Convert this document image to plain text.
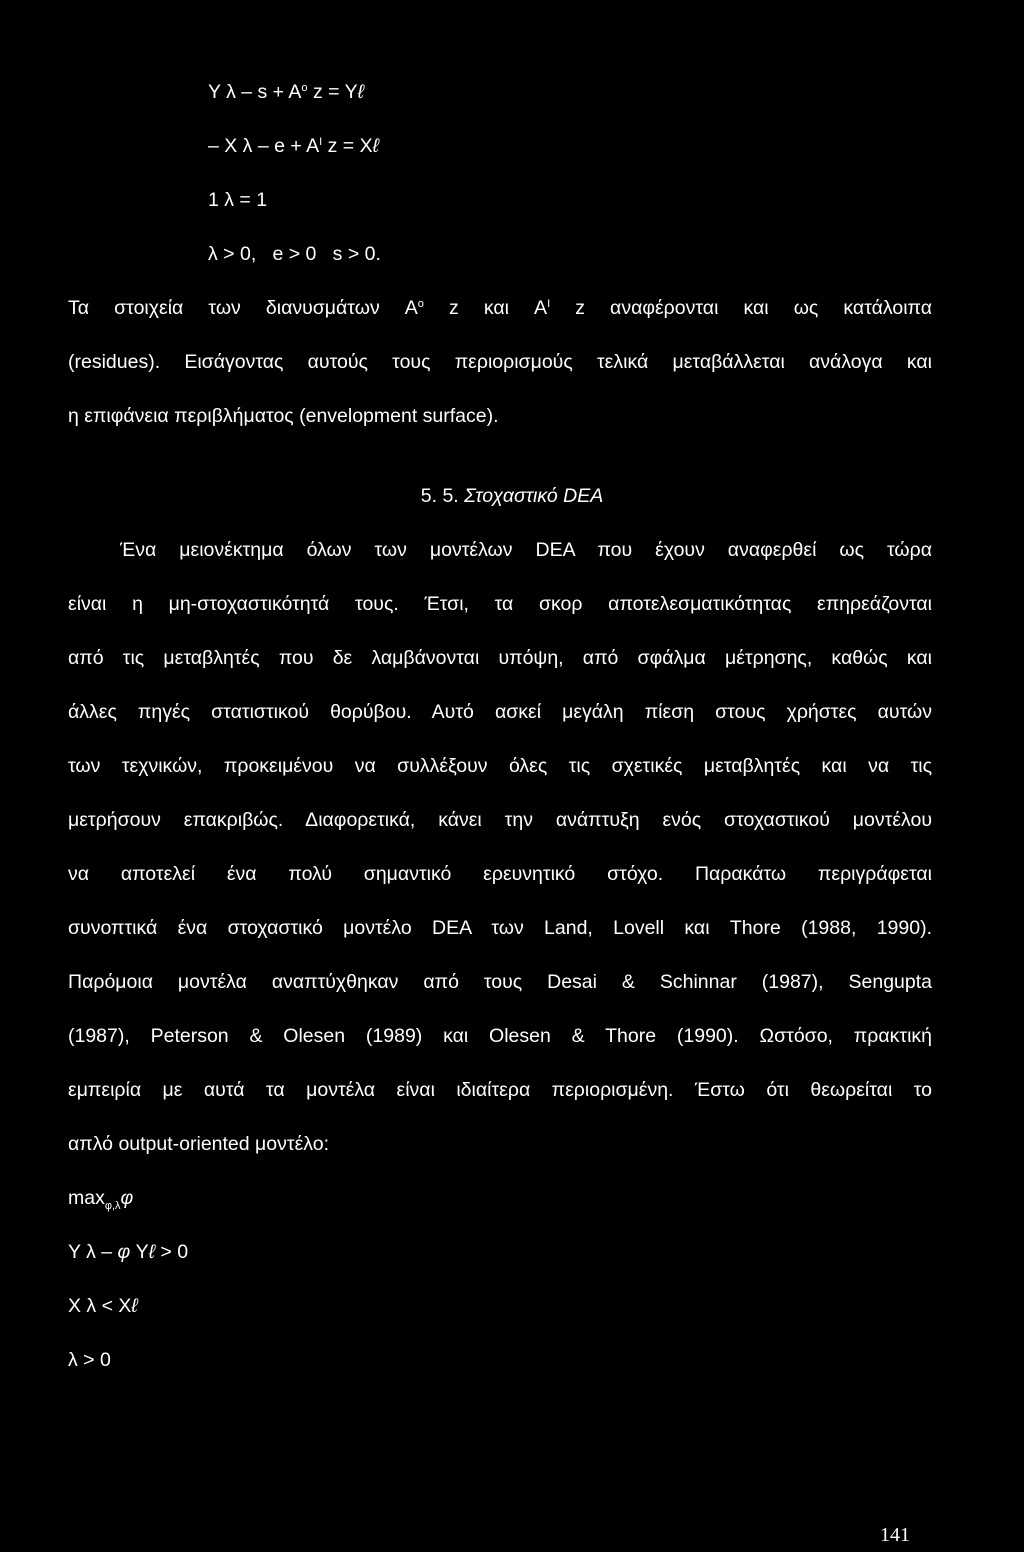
Y $\lambda - s + A^o$ z = Yℓ
– X $\lambda - e + A^I$ z = Xℓ
1 λ = 1
λ > 0,   e > 0   s > 0.
Τα στοιχεία των διανυσμάτων $A^o$ z και $A^I$ z αναφέρονται και ως κατάλοιπα
(residues). Εισάγοντας αυτούς τους περιορισμούς τελικά μεταβάλλεται ανάλογα και
η επιφάνεια περιβλήματος (envelopment surface).
5. 5. Στοχαστικό DEA
Ένα μειονέκτημα όλων των μοντέλων DEA που έχουν αναφερθεί ως τώρα
είναι η μη-στοχαστικότητά τους. Έτσι, τα σκορ αποτελεσματικότητας επηρεάζονται
από τις μεταβλητές που δε λαμβάνονται υπόψη, από σφάλμα μέτρησης, καθώς και
άλλες πηγές στατιστικού θορύβου. Αυτό ασκεί μεγάλη πίεση στους χρήστες αυτών
των τεχνικών, προκειμένου να συλλέξουν όλες τις σχετικές μεταβλητές και να τις
μετρήσουν επακριβώς. Διαφορετικά, κάνει την ανάπτυξη ενός στοχαστικού μοντέλου
να αποτελεί ένα πολύ σημαντικό ερευνητικό στόχο. Παρακάτω περιγράφεται
συνοπτικά ένα στοχαστικό μοντέλο DEA των Land, Lovell και Thore (1988, 1990).
Παρόμοια μοντέλα αναπτύχθηκαν από τους Desai & Schinnar (1987), Sengupta
(1987), Peterson & Olesen (1989) και Olesen & Thore (1990). Ωστόσο, πρακτική
εμπειρία με αυτά τα μοντέλα είναι ιδιαίτερα περιορισμένη. Έστω ότι θεωρείται το
απλό output-oriented μοντέλο:
$\max_{\varphi,\lambda}\varphi$
Y λ – φ Yℓ > 0
X λ < Xℓ
λ > 0
141
